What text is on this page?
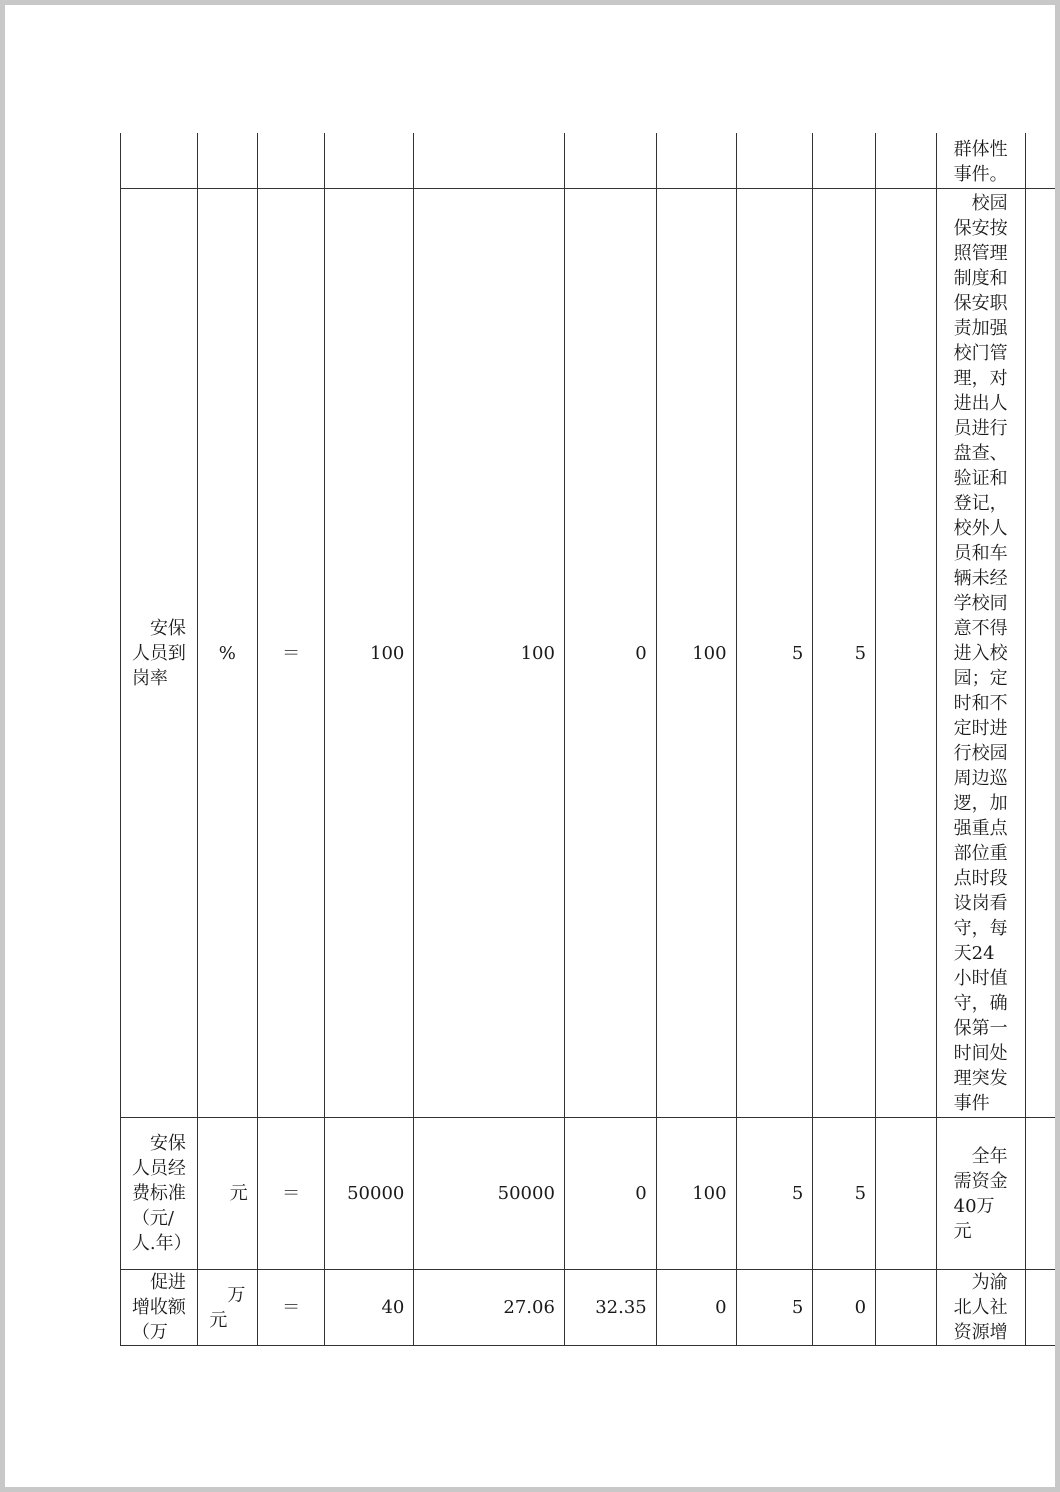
										群体性事件。	

安保人员到岗率	%	＝	100	100	0	100	5	5		校园保安按照管理制度和保安职责加强校门管理，对进出人员进行盘查、验证和登记，校外人员和车辆未经学校同意不得进入校园；定时和不定时进行校园周边巡逻，加强重点部位重点时段设岗看守，每天24小时值守，确保第一时间处理突发事件	

安保人员经费标准（元/人.年）	元	＝	50000	50000	0	100	5	5		全年需资金40万元	

促进增收额（万	万元	＝	40	27.06	32.35	0	5	0		为渝北人社资源增	
